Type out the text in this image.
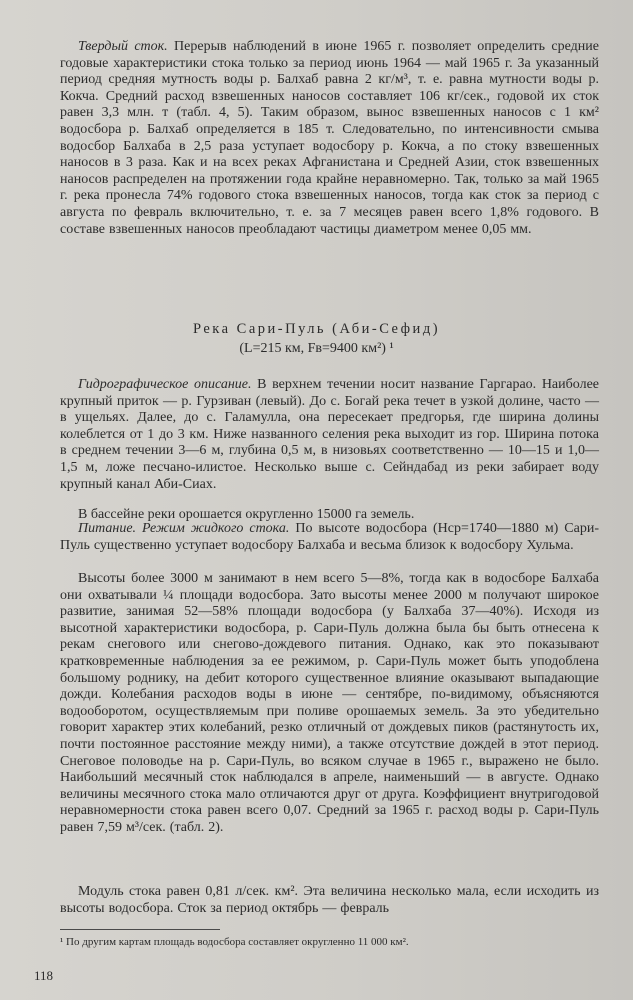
Твердый сток. Перерыв наблюдений в июне 1965 г. позволяет определить средние годовые характеристики стока только за период июнь 1964 — май 1965 г. За указанный период средняя мутность воды р. Балхаб равна 2 кг/м³, т. е. равна мутности воды р. Кокча. Средний расход взвешенных наносов составляет 106 кг/сек., годовой их сток равен 3,3 млн. т (табл. 4, 5). Таким образом, вынос взвешенных наносов с 1 км² водосбора р. Балхаб определяется в 185 т. Следовательно, по интенсивности смыва водосбор Балхаба в 2,5 раза уступает водосбору р. Кокча, а по стоку взвешенных наносов в 3 раза. Как и на всех реках Афганистана и Средней Азии, сток взвешенных наносов распределен на протяжении года крайне неравномерно. Так, только за май 1965 г. река пронесла 74% годового стока взвешенных наносов, тогда как сток за период с августа по февраль включительно, т. е. за 7 месяцев равен всего 1,8% годового. В составе взвешенных наносов преобладают частицы диаметром менее 0,05 мм.
Река Сари-Пуль (Аби-Сефид)
(L=215 км, Fв=9400 км²) ¹
Гидрографическое описание. В верхнем течении носит название Гаргарао. Наиболее крупный приток — р. Гурзиван (левый). До с. Богай река течет в узкой долине, часто — в ущельях. Далее, до с. Галамулла, она пересекает предгорья, где ширина долины колеблется от 1 до 3 км. Ниже названного селения река выходит из гор. Ширина потока в среднем течении 3—6 м, глубина 0,5 м, в низовьях соответственно — 10—15 и 1,0—1,5 м, ложе песчано-илистое. Несколько выше с. Сейндабад из реки забирает воду крупный канал Аби-Сиах.
В бассейне реки орошается округленно 15000 га земель.
Питание. Режим жидкого стока. По высоте водосбора (Hср=1740—1880 м) Сари-Пуль существенно уступает водосбору Балхаба и весьма близок к водосбору Хульма.
Высоты более 3000 м занимают в нем всего 5—8%, тогда как в водосборе Балхаба они охватывали ¼ площади водосбора. Зато высоты менее 2000 м получают широкое развитие, занимая 52—58% площади водосбора (у Балхаба 37—40%). Исходя из высотной характеристики водосбора, р. Сари-Пуль должна была бы быть отнесена к рекам снегового или снегово-дождевого питания. Однако, как это показывают кратковременные наблюдения за ее режимом, р. Сари-Пуль может быть уподоблена большому роднику, на дебит которого существенное влияние оказывают выпадающие дожди. Колебания расходов воды в июне — сентябре, по-видимому, объясняются водооборотом, осуществляемым при поливе орошаемых земель. За это убедительно говорит характер этих колебаний, резко отличный от дождевых пиков (растянутость их, почти постоянное расстояние между ними), а также отсутствие дождей в этот период. Снеговое половодье на р. Сари-Пуль, во всяком случае в 1965 г., выражено не было. Наибольший месячный сток наблюдался в апреле, наименьший — в августе. Однако величины месячного стока мало отличаются друг от друга. Коэффициент внутригодовой неравномерности стока равен всего 0,07. Средний за 1965 г. расход воды р. Сари-Пуль равен 7,59 м³/сек. (табл. 2).
Модуль стока равен 0,81 л/сек. км². Эта величина несколько мала, если исходить из высоты водосбора. Сток за период октябрь — февраль
¹ По другим картам площадь водосбора составляет округленно 11 000 км².
118
